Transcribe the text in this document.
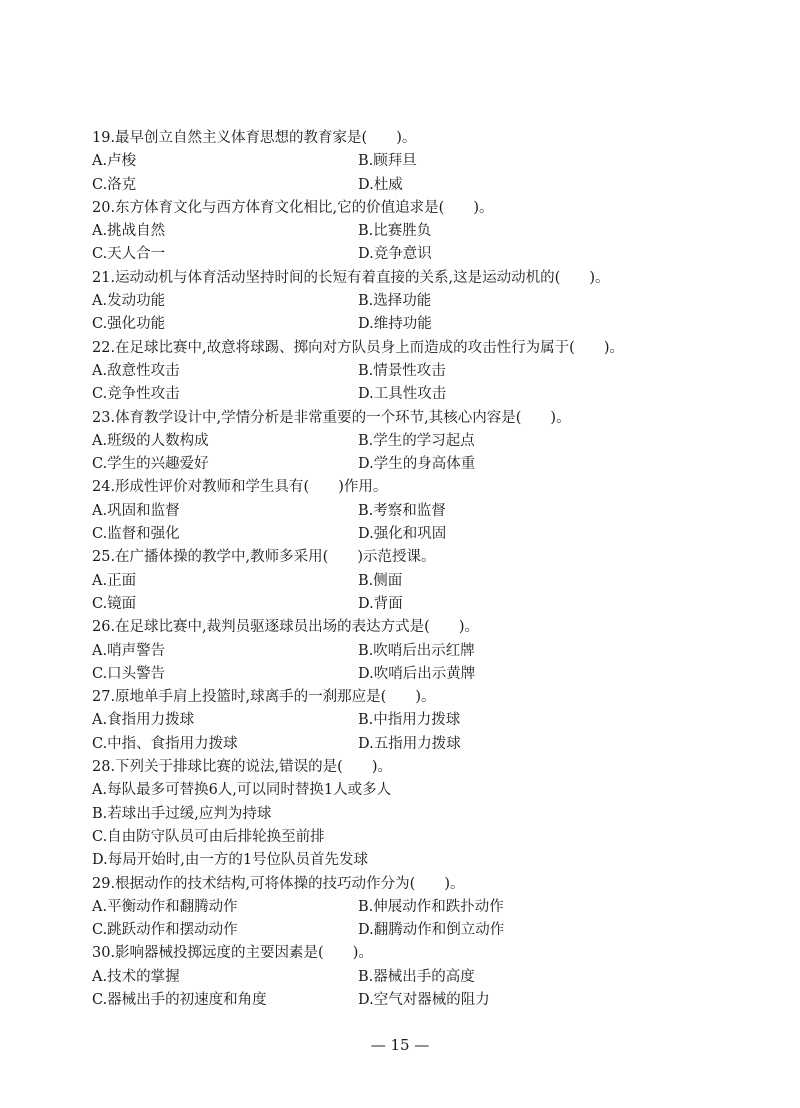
19.最早创立自然主义体育思想的教育家是(　　)。
A.卢梭	B.顾拜旦
C.洛克	D.杜威
20.东方体育文化与西方体育文化相比,它的价值追求是(　　)。
A.挑战自然	B.比赛胜负
C.天人合一	D.竞争意识
21.运动动机与体育活动坚持时间的长短有着直接的关系,这是运动动机的(　　)。
A.发动功能	B.选择功能
C.强化功能	D.维持功能
22.在足球比赛中,故意将球踢、掷向对方队员身上而造成的攻击性行为属于(　　)。
A.敌意性攻击	B.情景性攻击
C.竞争性攻击	D.工具性攻击
23.体育教学设计中,学情分析是非常重要的一个环节,其核心内容是(　　)。
A.班级的人数构成	B.学生的学习起点
C.学生的兴趣爱好	D.学生的身高体重
24.形成性评价对教师和学生具有(　　)作用。
A.巩固和监督	B.考察和监督
C.监督和强化	D.强化和巩固
25.在广播体操的教学中,教师多采用(　　)示范授课。
A.正面	B.侧面
C.镜面	D.背面
26.在足球比赛中,裁判员驱逐球员出场的表达方式是(　　)。
A.哨声警告	B.吹哨后出示红牌
C.口头警告	D.吹哨后出示黄牌
27.原地单手肩上投篮时,球离手的一刹那应是(　　)。
A.食指用力拨球	B.中指用力拨球
C.中指、食指用力拨球	D.五指用力拨球
28.下列关于排球比赛的说法,错误的是(　　)。
A.每队最多可替换6人,可以同时替换1人或多人
B.若球出手过缓,应判为持球
C.自由防守队员可由后排轮换至前排
D.每局开始时,由一方的1号位队员首先发球
29.根据动作的技术结构,可将体操的技巧动作分为(　　)。
A.平衡动作和翻腾动作	B.伸展动作和跌扑动作
C.跳跃动作和摆动动作	D.翻腾动作和倒立动作
30.影响器械投掷远度的主要因素是(　　)。
A.技术的掌握	B.器械出手的高度
C.器械出手的初速度和角度	D.空气对器械的阻力
— 15 —
